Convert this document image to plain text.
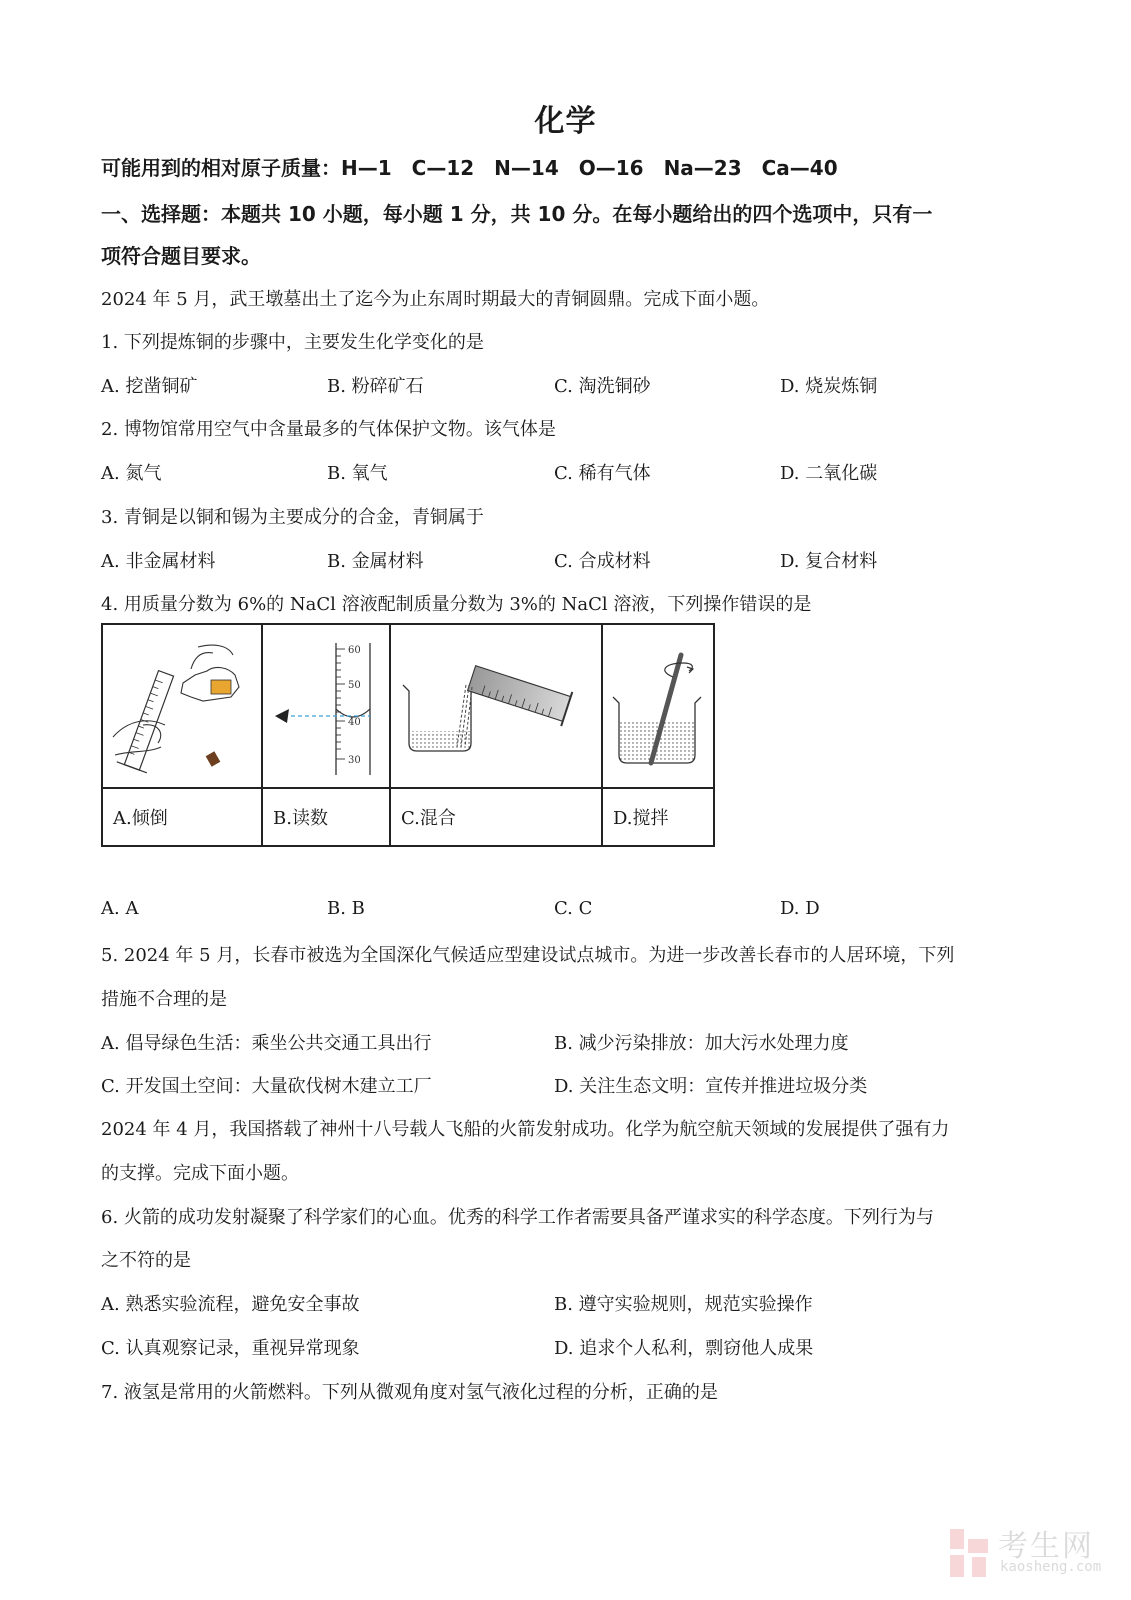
化学
可能用到的相对原子质量：H—1　C—12　N—14　O—16　Na—23　Ca—40
一、选择题：本题共 10 小题，每小题 1 分，共 10 分。在每小题给出的四个选项中，只有一
项符合题目要求。
2024 年 5 月，武王墩墓出土了迄今为止东周时期最大的青铜圆鼎。完成下面小题。
1. 下列提炼铜的步骤中，主要发生化学变化的是
A. 挖凿铜矿	B. 粉碎矿石	C. 淘洗铜砂	D. 烧炭炼铜
2. 博物馆常用空气中含量最多的气体保护文物。该气体是
A. 氮气	B. 氧气	C. 稀有气体	D. 二氧化碳
3. 青铜是以铜和锡为主要成分的合金，青铜属于
A. 非金属材料	B. 金属材料	C. 合成材料	D. 复合材料
4. 用质量分数为 6%的 NaCl 溶液配制质量分数为 3%的 NaCl 溶液，下列操作错误的是

60
50
40
30

A.倾倒	B.读数	C.混合	D.搅拌
A. A	B. B	C. C	D. D
5. 2024 年 5 月，长春市被选为全国深化气候适应型建设试点城市。为进一步改善长春市的人居环境，下列
措施不合理的是
A. 倡导绿色生活：乘坐公共交通工具出行	B. 减少污染排放：加大污水处理力度
C. 开发国土空间：大量砍伐树木建立工厂	D. 关注生态文明：宣传并推进垃圾分类
2024 年 4 月，我国搭载了神州十八号载人飞船的火箭发射成功。化学为航空航天领域的发展提供了强有力
的支撑。完成下面小题。
6. 火箭的成功发射凝聚了科学家们的心血。优秀的科学工作者需要具备严谨求实的科学态度。下列行为与
之不符的是
A. 熟悉实验流程，避免安全事故	B. 遵守实验规则，规范实验操作
C. 认真观察记录，重视异常现象	D. 追求个人私利，剽窃他人成果
7. 液氢是常用的火箭燃料。下列从微观角度对氢气液化过程的分析，正确的是
考生网
kaosheng.com
